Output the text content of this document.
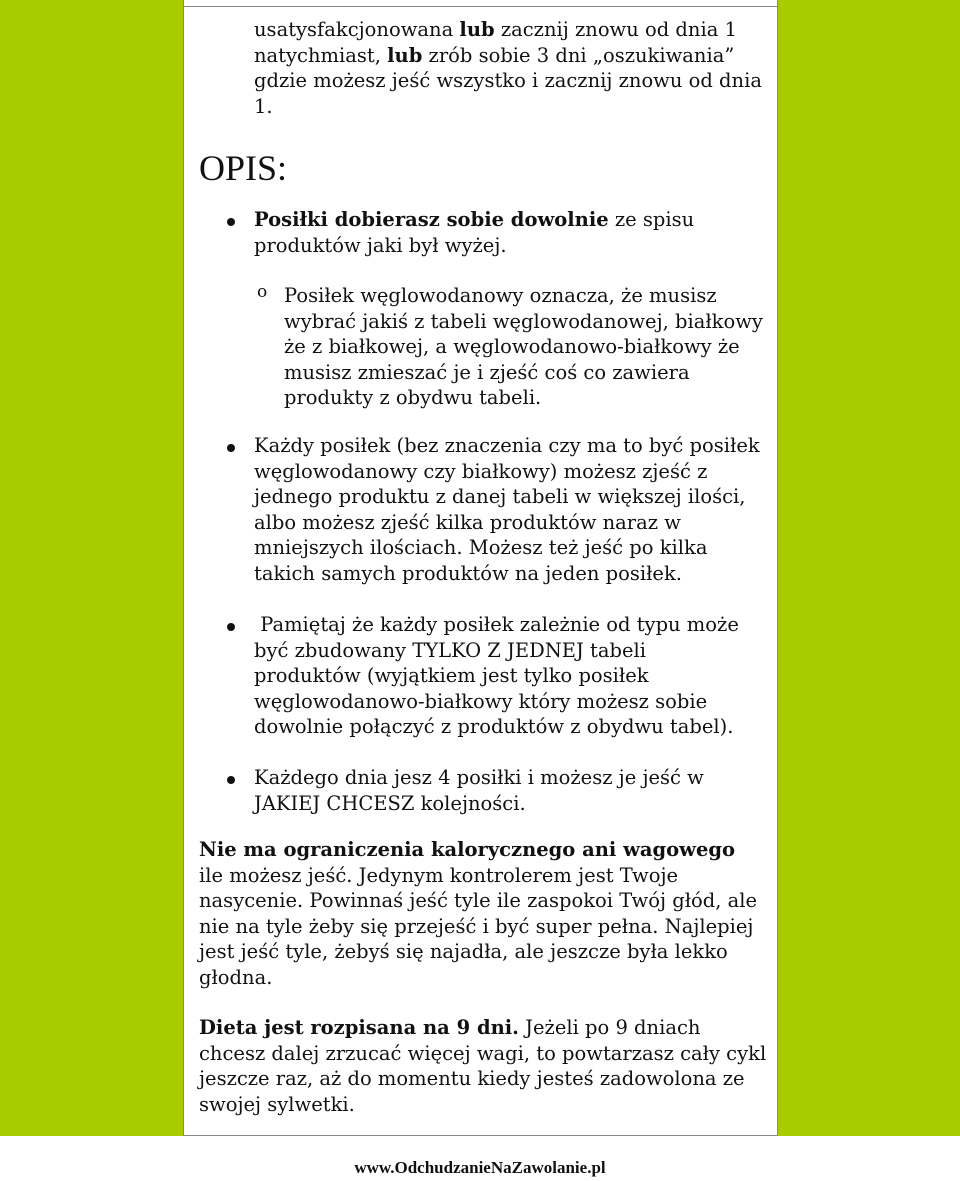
usatysfakcjonowana lub zacznij znowu od dnia 1
natychmiast, lub zrób sobie 3 dni „oszukiwania”
gdzie możesz jeść wszystko i zacznij znowu od dnia
1.
OPIS:
Posiłki dobierasz sobie dowolnie ze spisu
produktów jaki był wyżej.
o Posiłek węglowodanowy oznacza, że musisz
wybrać jakiś z tabeli węglowodanowej, białkowy
że z białkowej, a węglowodanowo-białkowy że
musisz zmieszać je i zjeść coś co zawiera
produkty z obydwu tabeli.
Każdy posiłek (bez znaczenia czy ma to być posiłek
węglowodanowy czy białkowy) możesz zjeść z
jednego produktu z danej tabeli w większej ilości,
albo możesz zjeść kilka produktów naraz w
mniejszych ilościach. Możesz też jeść po kilka
takich samych produktów na jeden posiłek.
Pamiętaj że każdy posiłek zależnie od typu może
być zbudowany TYLKO Z JEDNEJ tabeli
produktów (wyjątkiem jest tylko posiłek
węglowodanowo-białkowy który możesz sobie
dowolnie połączyć z produktów z obydwu tabel).
Każdego dnia jesz 4 posiłki i możesz je jeść w
JAKIEJ CHCESZ kolejności.
Nie ma ograniczenia kalorycznego ani wagowego
ile możesz jeść. Jedynym kontrolerem jest Twoje
nasycenie. Powinnaś jeść tyle ile zaspokoi Twój głód, ale
nie na tyle żeby się przejeść i być super pełna. Najlepiej
jest jeść tyle, żebyś się najadła, ale jeszcze była lekko
głodna.
Dieta jest rozpisana na 9 dni. Jeżeli po 9 dniach
chcesz dalej zrzucać więcej wagi, to powtarzasz cały cykl
jeszcze raz, aż do momentu kiedy jesteś zadowolona ze
swojej sylwetki.
www.OdchudzanieNaZawolanie.pl
